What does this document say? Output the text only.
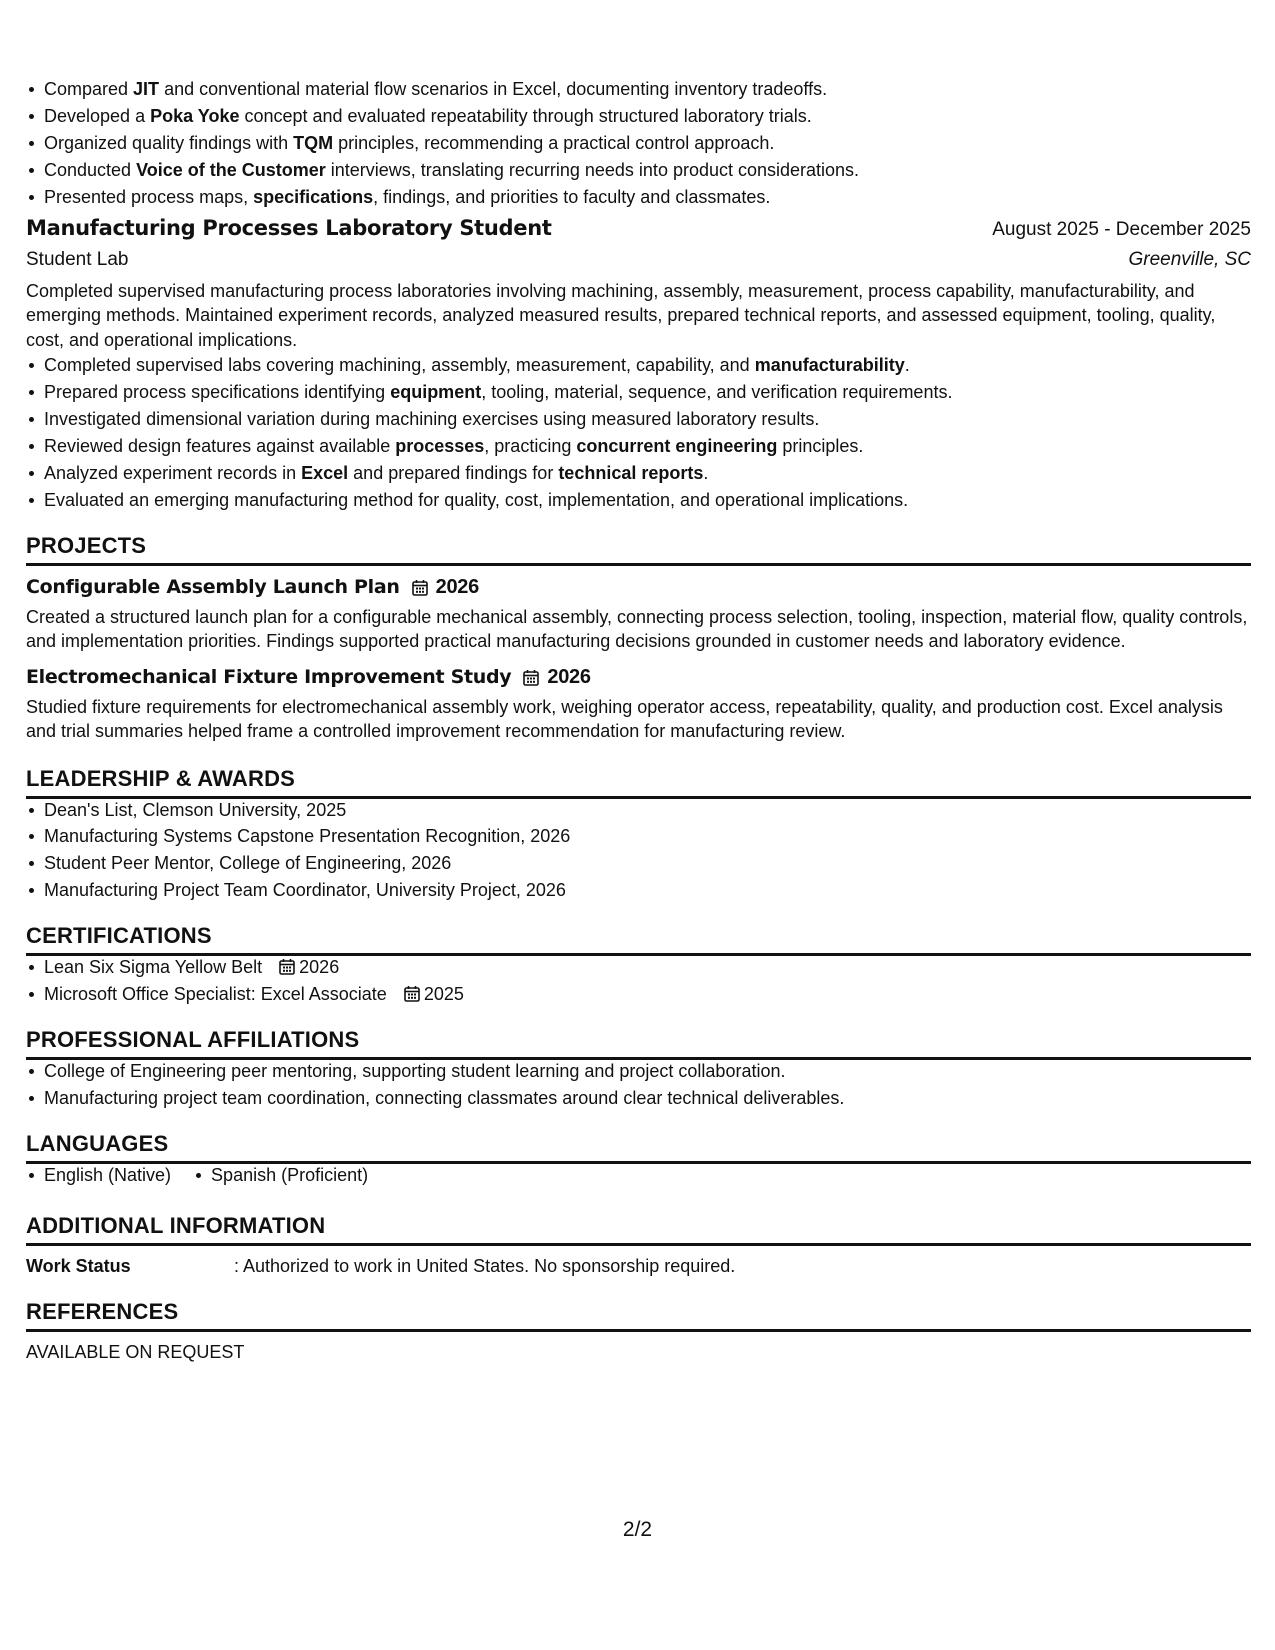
Compared JIT and conventional material flow scenarios in Excel, documenting inventory tradeoffs.
Developed a Poka Yoke concept and evaluated repeatability through structured laboratory trials.
Organized quality findings with TQM principles, recommending a practical control approach.
Conducted Voice of the Customer interviews, translating recurring needs into product considerations.
Presented process maps, specifications, findings, and priorities to faculty and classmates.
Manufacturing Processes Laboratory Student	August 2025 - December 2025
Student Lab	Greenville, SC
Completed supervised manufacturing process laboratories involving machining, assembly, measurement, process capability, manufacturability, and emerging methods. Maintained experiment records, analyzed measured results, prepared technical reports, and assessed equipment, tooling, quality, cost, and operational implications.
Completed supervised labs covering machining, assembly, measurement, capability, and manufacturability.
Prepared process specifications identifying equipment, tooling, material, sequence, and verification requirements.
Investigated dimensional variation during machining exercises using measured laboratory results.
Reviewed design features against available processes, practicing concurrent engineering principles.
Analyzed experiment records in Excel and prepared findings for technical reports.
Evaluated an emerging manufacturing method for quality, cost, implementation, and operational implications.
PROJECTS
Configurable Assembly Launch Plan 2026
Created a structured launch plan for a configurable mechanical assembly, connecting process selection, tooling, inspection, material flow, quality controls, and implementation priorities. Findings supported practical manufacturing decisions grounded in customer needs and laboratory evidence.
Electromechanical Fixture Improvement Study 2026
Studied fixture requirements for electromechanical assembly work, weighing operator access, repeatability, quality, and production cost. Excel analysis and trial summaries helped frame a controlled improvement recommendation for manufacturing review.
LEADERSHIP & AWARDS
Dean's List, Clemson University, 2025
Manufacturing Systems Capstone Presentation Recognition, 2026
Student Peer Mentor, College of Engineering, 2026
Manufacturing Project Team Coordinator, University Project, 2026
CERTIFICATIONS
Lean Six Sigma Yellow Belt 2026
Microsoft Office Specialist: Excel Associate 2025
PROFESSIONAL AFFILIATIONS
College of Engineering peer mentoring, supporting student learning and project collaboration.
Manufacturing project team coordination, connecting classmates around clear technical deliverables.
LANGUAGES
English (Native)	Spanish (Proficient)
ADDITIONAL INFORMATION
Work Status	: Authorized to work in United States. No sponsorship required.
REFERENCES
AVAILABLE ON REQUEST
2/2
